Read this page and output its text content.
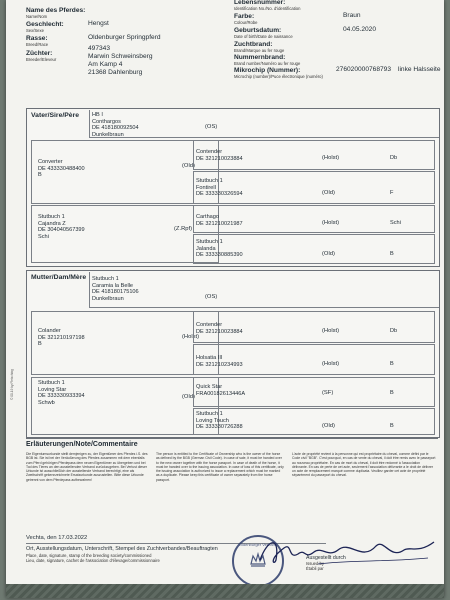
Name des Pferdes:
Name/Nom
Geschlecht:
Sex/Sexe
Hengst
Rasse:
Breed/Race
Oldenburger Springpferd
Züchter:
Breeder/Eleveur
497343
Marwin Schweinsberg
Am Kamp 4
21368 Dahlenburg
Lebensnummer:
Identification No./No. d'identification
Farbe:
Colour/Robe
Braun
Geburtsdatum:
Date of birth/Date de naissance
04.05.2020
Zuchtbrand:
Brand/Marque au fer rouge
Nummernbrand:
Brand number/Numéro au fer rouge
Mikrochip (Nummer):	276020000768793 linke Halsseite
Microchip (number)/Puce électronique (numéro)
Vater/Sire/Père HB I
Conthargos
DE 418180092504
Dunkelbraun
(OS)
Converter
DE 433330488400
B
(Old)
Stutbuch 1
Cajandra Z
DE 304040567399
Schi
(Z.Rpf)
Contender
DE 321210023884	(Holst)	Db
Stutbuch 1
Fontirell
DE 333330326594	(Old)	F
Carthago
DE 321210021987	(Holst)	Schi
Stutbuch 1
Jalanda
DE 333330885390	(Old)	B
Mutter/Dam/Mère Stutbuch 1
Caramia la Belle
DE 418180175106
Dunkelbraun	(OS)
Colander
DE 321210197198
B
(Holst)
Stutbuch 1
Loving Star
DE 333330933394
Schwb
(Old)
Contender
DE 321210023884	(Holst)	Db
Holsatia III
DE 321210234993	(Holst)	B
Quick Star
FRA00182613446A	(SF)	B
Stutbuch 1
Loving Touch
DE 333330726288	(Old)	B
© 00-19 by Fleisching
Erläuterungen/Note/Commentaire
Die Eigentumsurkunde stellt demjenigen zu, der Eigentümer des Pferdes i.S. des BGB ist. Sie ist bei der Veräußerung des Pferdes zusammen mit dem ebenfalls zum Pferd gehörigen Pferdepass dem neuen Eigentümer zu übergeben und bei Tod des Tieres an den ausstellenden Verband zurückzugeben. Bei Verlust dieser Urkunde ist ausschließlich der ausstellende Verband berechtigt, eine als Zweitschrift gekennzeichnete Ersatzurkunde auszustellen. Bitte diese Urkunde getrennt von dem Pferdepass aufbewahren!
The person is entitled to the Certificate of Ownership who is the owner of the horse as defined by the BGB (German Civil Code). In case of sale, it must be handed over to the new owner together with the horse passport. In case of death of the horse, it must be handed over to the issuing association. In case of loss of this certificate, only the issuing association is authorized to issue a replacement which must be marked as a duplicate. Please keep this certificate of owner separately from the horse passport.
L'acte de propriété revient à la personne qui est propriétaire du cheval, comme défini par le Code civil "BGB". C'est pourquoi, en cas de vente du cheval, il doit être remis avec le passeport au nouveau propriétaire. En cas de mort du cheval, il doit être redonné à l'association délivrante. En cas de perte de cet acte, seulement l'association délivrante a le droit de délivrer un acte de remplacement marqué comme duplicata. Veuillez garder cet acte de propriété séparément du passeport du cheval.
Vechta, den 17.03.2022
Ort, Ausstellungsdatum, Unterschrift, Stempel des Zuchtverbandes/Beauftragten
Place, date, signature, stamp of the breeding society/commissioned
Lieu, date, signature, cachet de l'association d'élevage/commissionnaire	Ausgestellt durch
Issued by
Établi par
Oldenburger Verband
